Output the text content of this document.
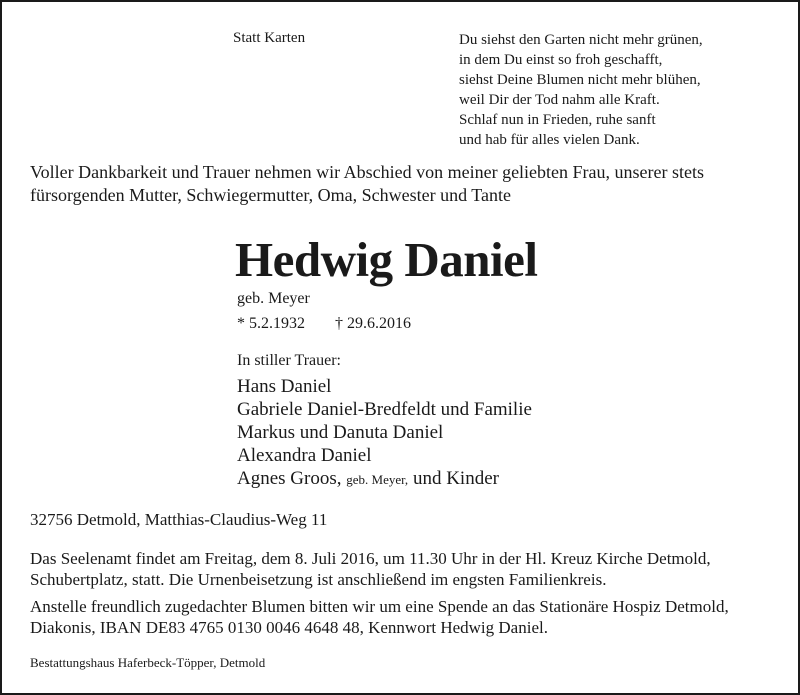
Statt Karten	Du siehst den Garten nicht mehr grünen,
in dem Du einst so froh geschafft,
siehst Deine Blumen nicht mehr blühen,
weil Dir der Tod nahm alle Kraft.
Schlaf nun in Frieden, ruhe sanft
und hab für alles vielen Dank.
Voller Dankbarkeit und Trauer nehmen wir Abschied von meiner geliebten Frau, unserer stets fürsorgenden Mutter, Schwiegermutter, Oma, Schwester und Tante
Hedwig Daniel
geb. Meyer
* 5.2.1932 † 29.6.2016
In stiller Trauer:
Hans Daniel
Gabriele Daniel-Bredfeldt und Familie
Markus und Danuta Daniel
Alexandra Daniel
Agnes Groos, geb. Meyer, und Kinder
32756 Detmold, Matthias-Claudius-Weg 11
Das Seelenamt findet am Freitag, dem 8. Juli 2016, um 11.30 Uhr in der Hl. Kreuz Kirche Detmold, Schubertplatz, statt. Die Urnenbeisetzung ist anschließend im engsten Familienkreis.
Anstelle freundlich zugedachter Blumen bitten wir um eine Spende an das Stationäre Hospiz Detmold, Diakonis, IBAN DE83 4765 0130 0046 4648 48, Kennwort Hedwig Daniel.
Bestattungshaus Haferbeck-Töpper, Detmold
